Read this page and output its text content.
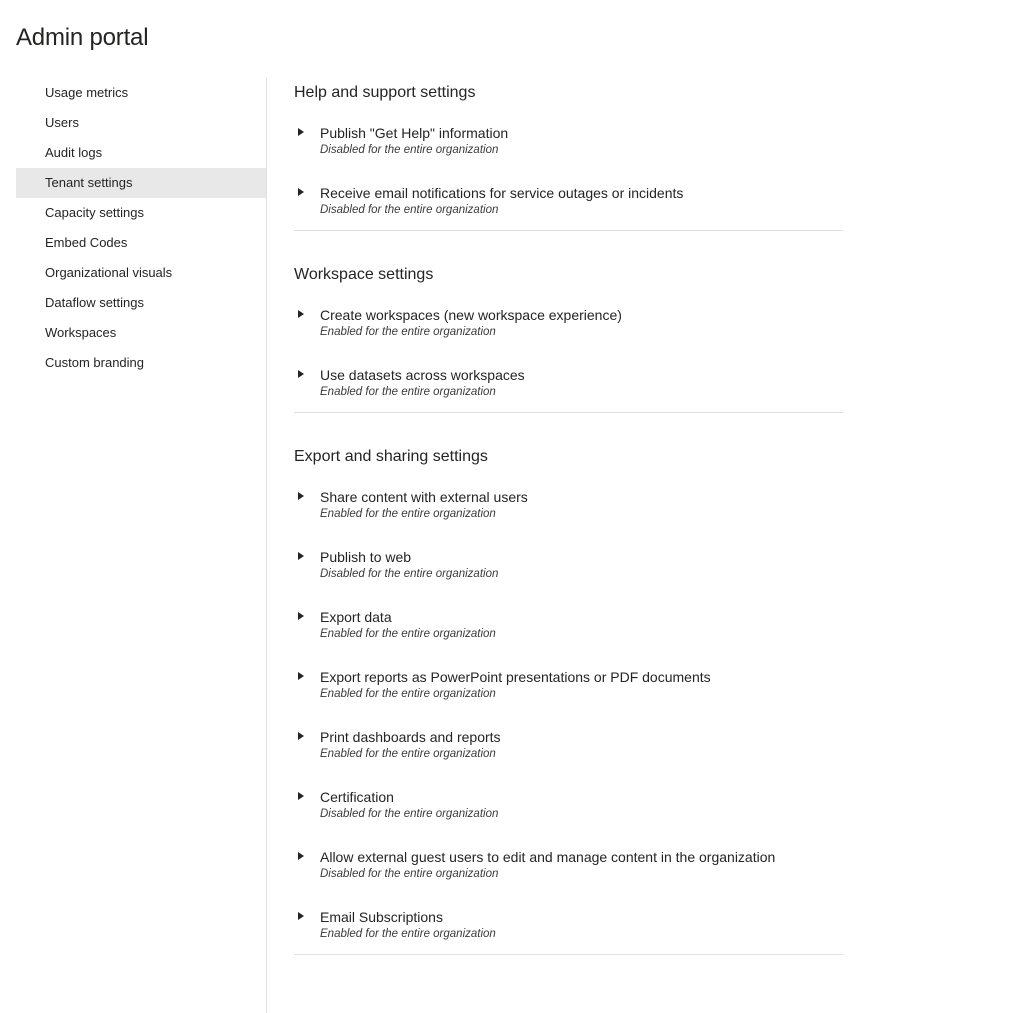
Admin portal
Usage metrics
Users
Audit logs
Tenant settings
Capacity settings
Embed Codes
Organizational visuals
Dataflow settings
Workspaces
Custom branding
Help and support settings
Publish "Get Help" information
Disabled for the entire organization
Receive email notifications for service outages or incidents
Disabled for the entire organization
Workspace settings
Create workspaces (new workspace experience)
Enabled for the entire organization
Use datasets across workspaces
Enabled for the entire organization
Export and sharing settings
Share content with external users
Enabled for the entire organization
Publish to web
Disabled for the entire organization
Export data
Enabled for the entire organization
Export reports as PowerPoint presentations or PDF documents
Enabled for the entire organization
Print dashboards and reports
Enabled for the entire organization
Certification
Disabled for the entire organization
Allow external guest users to edit and manage content in the organization
Disabled for the entire organization
Email Subscriptions
Enabled for the entire organization
